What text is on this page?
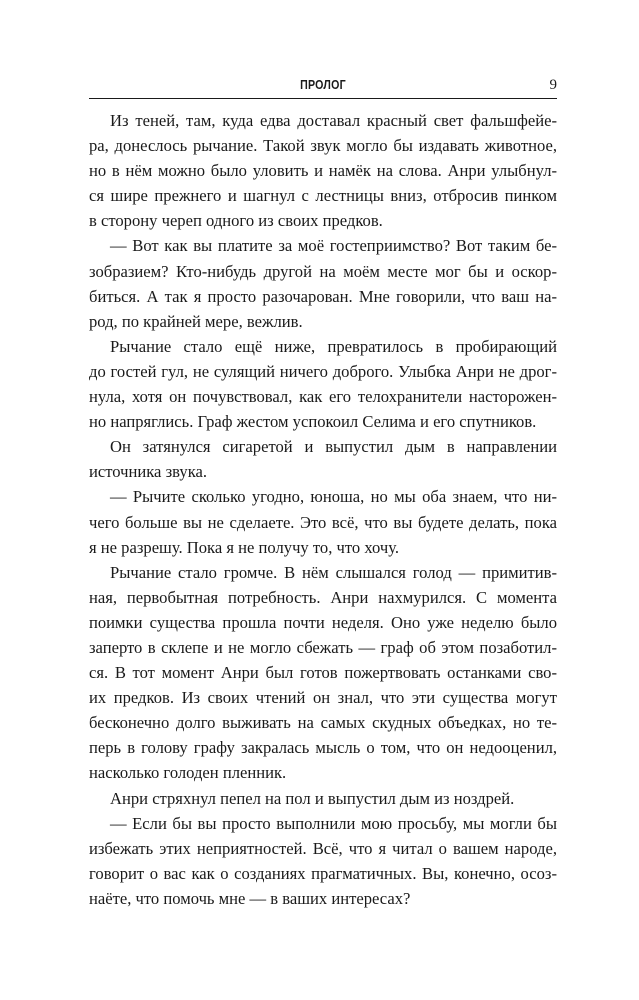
ПРОЛОГ	9
Из теней, там, куда едва доставал красный свет фальшфейе-
ра, донеслось рычание. Такой звук могло бы издавать животное,
но в нём можно было уловить и намёк на слова. Анри улыбнул-
ся шире прежнего и шагнул с лестницы вниз, отбросив пинком
в сторону череп одного из своих предков.
— Вот как вы платите за моё гостеприимство? Вот таким бе-
зобразием? Кто-нибудь другой на моём месте мог бы и оскор-
биться. А так я просто разочарован. Мне говорили, что ваш на-
род, по крайней мере, вежлив.
Рычание стало ещё ниже, превратилось в пробирающий
до гостей гул, не сулящий ничего доброго. Улыбка Анри не дрог-
нула, хотя он почувствовал, как его телохранители насторожен-
но напряглись. Граф жестом успокоил Селима и его спутников.
Он затянулся сигаретой и выпустил дым в направлении
источника звука.
— Рычите сколько угодно, юноша, но мы оба знаем, что ни-
чего больше вы не сделаете. Это всё, что вы будете делать, пока
я не разрешу. Пока я не получу то, что хочу.
Рычание стало громче. В нём слышался голод — примитив-
ная, первобытная потребность. Анри нахмурился. С момента
поимки существа прошла почти неделя. Оно уже неделю было
заперто в склепе и не могло сбежать — граф об этом позаботил-
ся. В тот момент Анри был готов пожертвовать останками сво-
их предков. Из своих чтений он знал, что эти существа могут
бесконечно долго выживать на самых скудных объедках, но те-
перь в голову графу закралась мысль о том, что он недооценил,
насколько голоден пленник.
Анри стряхнул пепел на пол и выпустил дым из ноздрей.
— Если бы вы просто выполнили мою просьбу, мы могли бы
избежать этих неприятностей. Всё, что я читал о вашем народе,
говорит о вас как о созданиях прагматичных. Вы, конечно, осоз-
наёте, что помочь мне — в ваших интересах?
